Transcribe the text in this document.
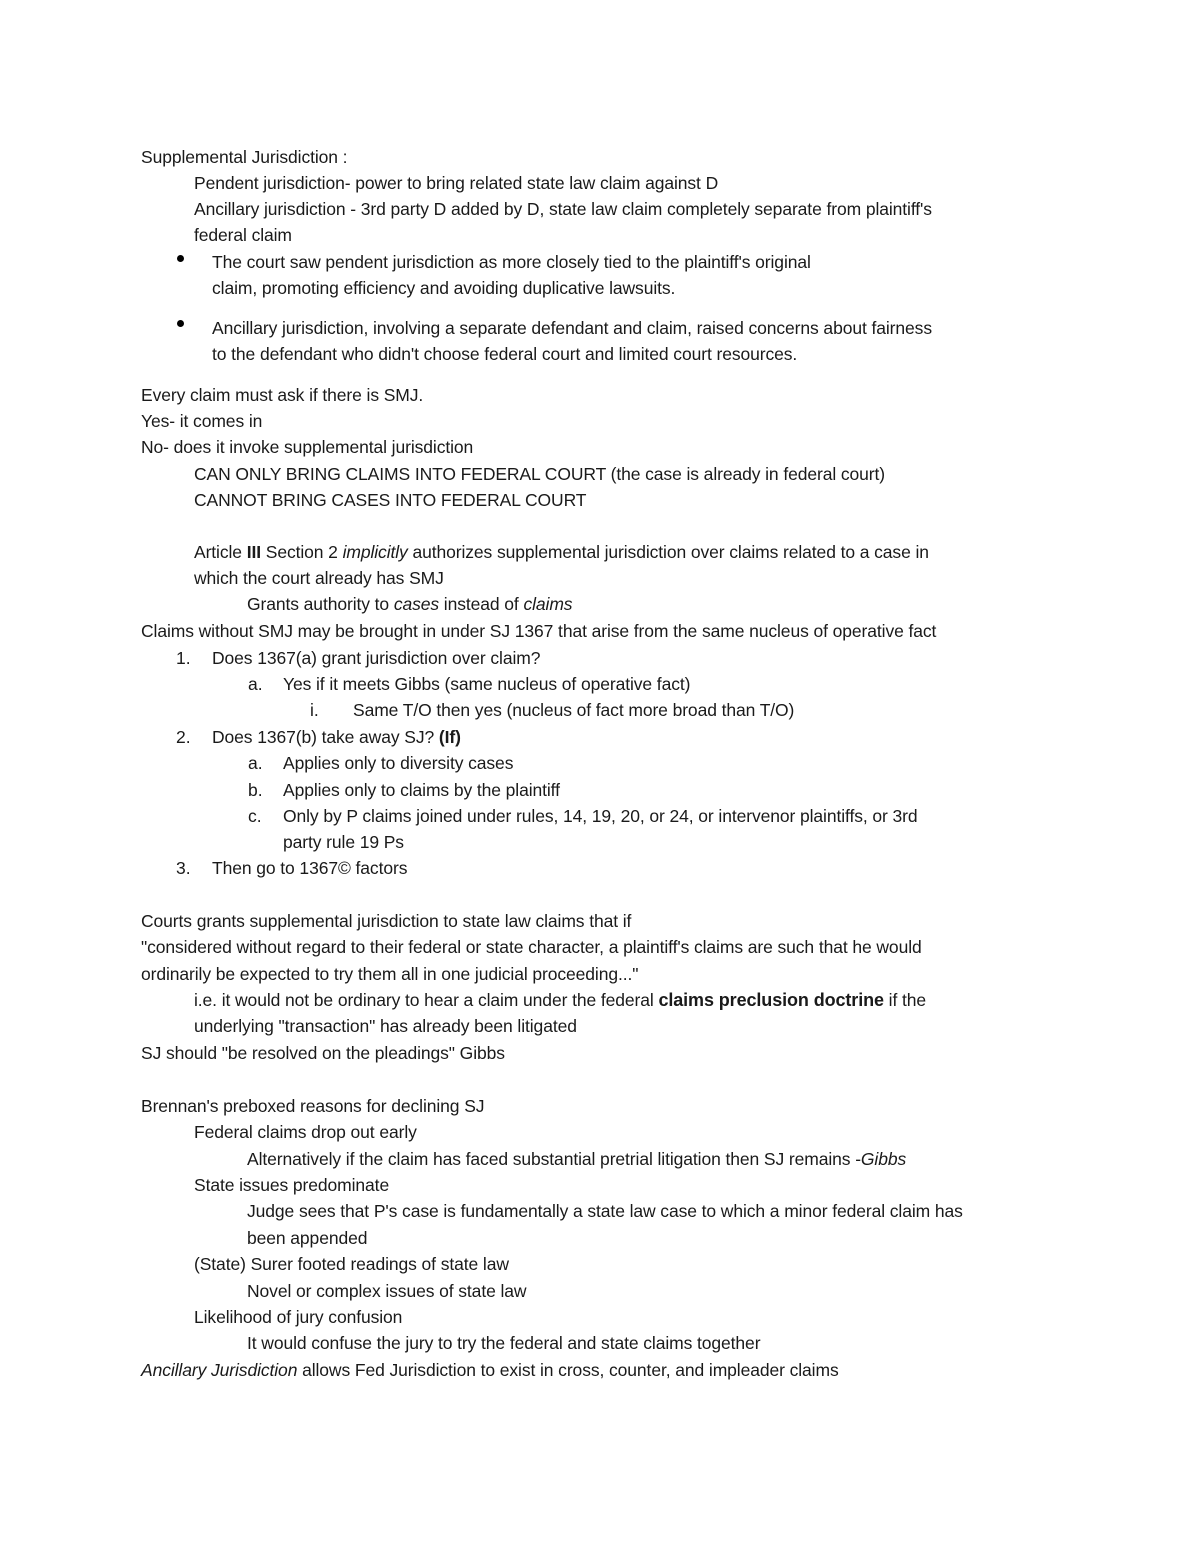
Supplemental Jurisdiction :
Pendent jurisdiction- power to bring related state law claim against D
Ancillary jurisdiction - 3rd party D added by D, state law claim completely separate from plaintiff's
federal claim
The court saw pendent jurisdiction as more closely tied to the plaintiff's original
claim, promoting efficiency and avoiding duplicative lawsuits.
Ancillary jurisdiction, involving a separate defendant and claim, raised concerns about fairness
to the defendant who didn't choose federal court and limited court resources.
Every claim must ask if there is SMJ.
Yes- it comes in
No- does it invoke supplemental jurisdiction
CAN ONLY BRING CLAIMS INTO FEDERAL COURT (the case is already in federal court)
CANNOT BRING CASES INTO FEDERAL COURT
Article III Section 2 implicitly authorizes supplemental jurisdiction over claims related to a case in
which the court already has SMJ
Grants authority to cases instead of claims
Claims without SMJ may be brought in under SJ 1367 that arise from the same nucleus of operative fact
1. Does 1367(a) grant jurisdiction over claim?
a. Yes if it meets Gibbs (same nucleus of operative fact)
i. Same T/O then yes (nucleus of fact more broad than T/O)
2. Does 1367(b) take away SJ? (If)
a. Applies only to diversity cases
b. Applies only to claims by the plaintiff
c. Only by P claims joined under rules, 14, 19, 20, or 24, or intervenor plaintiffs, or 3rd
party rule 19 Ps
3. Then go to 1367© factors
Courts grants supplemental jurisdiction to state law claims that if
"considered without regard to their federal or state character, a plaintiff's claims are such that he would
ordinarily be expected to try them all in one judicial proceeding..."
i.e. it would not be ordinary to hear a claim under the federal claims preclusion doctrine if the
underlying "transaction" has already been litigated
SJ should "be resolved on the pleadings" Gibbs
Brennan's preboxed reasons for declining SJ
Federal claims drop out early
Alternatively if the claim has faced substantial pretrial litigation then SJ remains -Gibbs
State issues predominate
Judge sees that P's case is fundamentally a state law case to which a minor federal claim has
been appended
(State) Surer footed readings of state law
Novel or complex issues of state law
Likelihood of jury confusion
It would confuse the jury to try the federal and state claims together
Ancillary Jurisdiction allows Fed Jurisdiction to exist in cross, counter, and impleader claims
